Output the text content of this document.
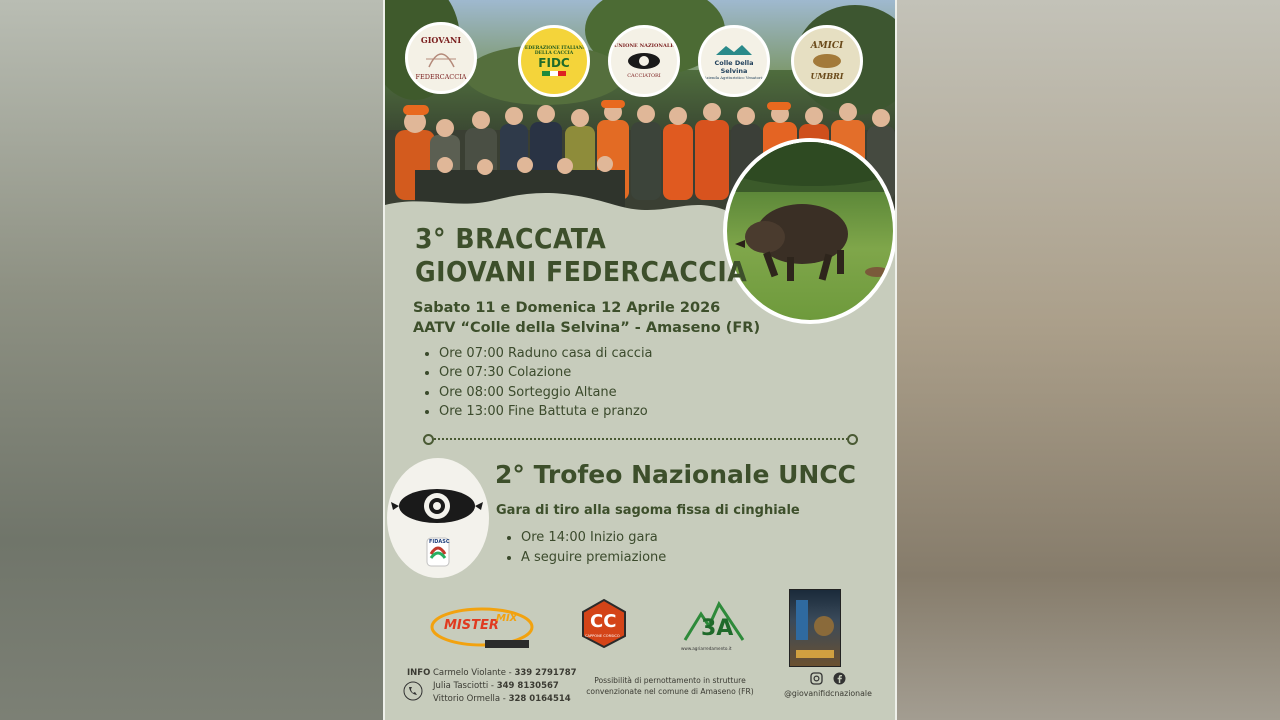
GIOVANI
FEDERCACCIA
FEDERAZIONE ITALIANA DELLA CACCIA
FIDC
UNIONE NAZIONALE
CACCIATORI
Colle Della Selvina
Azienda Agrituristico Venatoria
AMICI
UMBRI
3° BRACCATA
GIOVANI FEDERCACCIA
Sabato 11 e Domenica 12 Aprile 2026
AATV “Colle della Selvina” - Amaseno (FR)
• Ore 07:00 Raduno casa di caccia
• Ore 07:30 Colazione
• Ore 08:00 Sorteggio Altane
• Ore 13:00 Fine Battuta e pranzo
FIDASC
2° Trofeo Nazionale UNCC
Gara di tiro alla sagoma fissa di cinghiale
• Ore 14:00 Inizio gara
• A seguire premiazione
MISTER
MIX	CC
CAPPONE CORSICO	3A
www.agriarredamento.it
INFO Carmelo Violante - 339 2791787
Julia Tasciotti - 349 8130567
Vittorio Ormella - 328 0164514
Possibilità di pernottamento in strutture convenzionate nel comune di Amaseno (FR)	@giovanifidcnazionale
